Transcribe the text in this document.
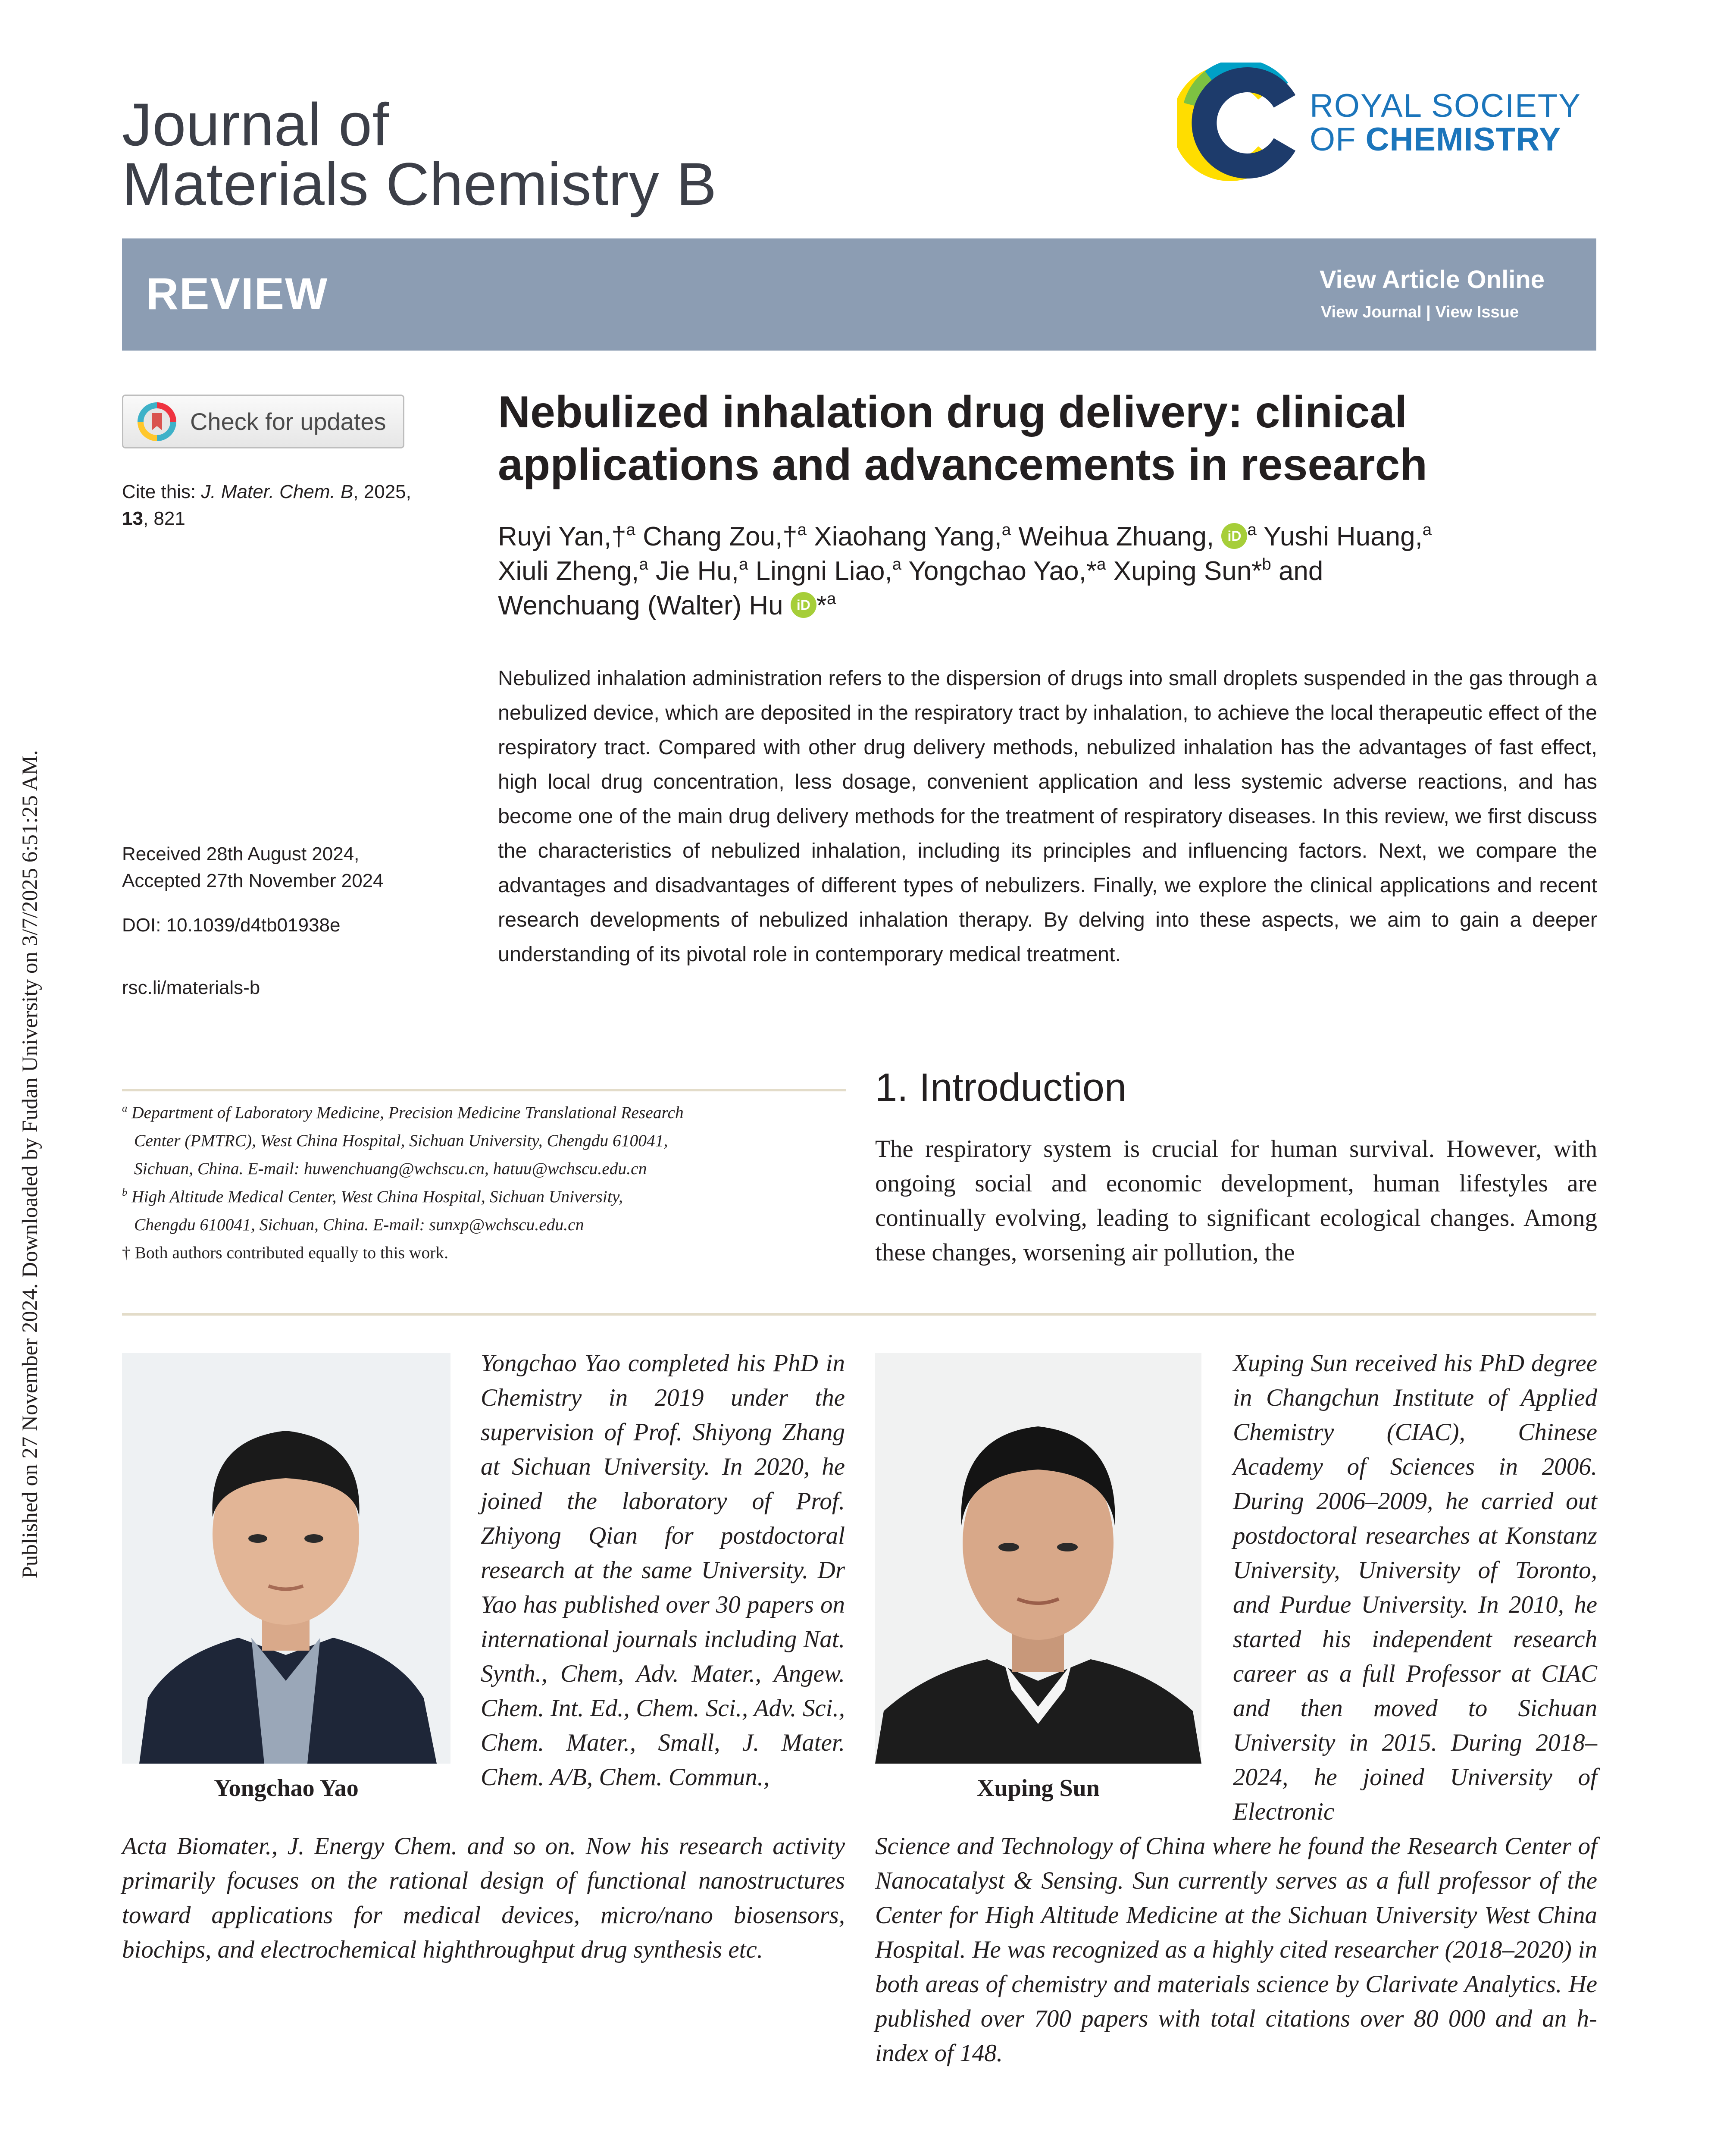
Published on 27 November 2024. Downloaded by Fudan University on 3/7/2025 6:51:25 AM.
Journal of
Materials Chemistry B
ROYAL SOCIETY
OF CHEMISTRY
REVIEW	View Article Online
View Journal | View Issue
Check for updates
Cite this: J. Mater. Chem. B, 2025,
13, 821
Received 28th August 2024,
Accepted 27th November 2024
DOI: 10.1039/d4tb01938e
rsc.li/materials-b
Nebulized inhalation drug delivery: clinical
applications and advancements in research
Ruyi Yan,†$^a$ Chang Zou,†$^a$ Xiaohang Yang,$^a$ Weihua Zhuang, iD $^a$ Yushi Huang,$^a$
Xiuli Zheng,$^a$ Jie Hu,$^a$ Lingni Liao,$^a$ Yongchao Yao,*$^a$ Xuping Sun*$^b$ and
Wenchuang (Walter) Hu iD *$^a$
Nebulized inhalation administration refers to the dispersion of drugs into small droplets suspended in the gas through a nebulized device, which are deposited in the respiratory tract by inhalation, to achieve the local therapeutic effect of the respiratory tract. Compared with other drug delivery methods, nebulized inhalation has the advantages of fast effect, high local drug concentration, less dosage, convenient application and less systemic adverse reactions, and has become one of the main drug delivery methods for the treatment of respiratory diseases. In this review, we first discuss the characteristics of nebulized inhalation, including its principles and influencing factors. Next, we compare the advantages and disadvantages of different types of nebulizers. Finally, we explore the clinical applications and recent research developments of nebulized inhalation therapy. By delving into these aspects, we aim to gain a deeper understanding of its pivotal role in contemporary medical treatment.
$^a$ Department of Laboratory Medicine, Precision Medicine Translational Research
Center (PMTRC), West China Hospital, Sichuan University, Chengdu 610041,
Sichuan, China. E-mail: huwenchuang@wchscu.cn, hatuu@wchscu.edu.cn
$^b$ High Altitude Medical Center, West China Hospital, Sichuan University,
Chengdu 610041, Sichuan, China. E-mail: sunxp@wchscu.edu.cn
† Both authors contributed equally to this work.
1. Introduction
The respiratory system is crucial for human survival. However, with ongoing social and economic development, human lifestyles are continually evolving, leading to significant ecological changes. Among these changes, worsening air pollution, the
Yongchao Yao
Yongchao Yao completed his PhD in Chemistry in 2019 under the supervision of Prof. Shiyong Zhang at Sichuan University. In 2020, he joined the laboratory of Prof. Zhiyong Qian for postdoctoral research at the same University. Dr Yao has published over 30 papers on international journals including Nat. Synth., Chem, Adv. Mater., Angew. Chem. Int. Ed., Chem. Sci., Adv. Sci., Chem. Mater., Small, J. Mater. Chem. A/B, Chem. Commun.,
Acta Biomater., J. Energy Chem. and so on. Now his research activity primarily focuses on the rational design of functional nanostructures toward applications for medical devices, micro/nano biosensors, biochips, and electrochemical highthroughput drug synthesis etc.
Xuping Sun
Xuping Sun received his PhD degree in Changchun Institute of Applied Chemistry (CIAC), Chinese Academy of Sciences in 2006. During 2006–2009, he carried out postdoctoral researches at Konstanz University, University of Toronto, and Purdue University. In 2010, he started his independent research career as a full Professor at CIAC and then moved to Sichuan University in 2015. During 2018–2024, he joined University of Electronic
Science and Technology of China where he found the Research Center of Nanocatalyst & Sensing. Sun currently serves as a full professor of the Center for High Altitude Medicine at the Sichuan University West China Hospital. He was recognized as a highly cited researcher (2018–2020) in both areas of chemistry and materials science by Clarivate Analytics. He published over 700 papers with total citations over 80 000 and an h-index of 148.
